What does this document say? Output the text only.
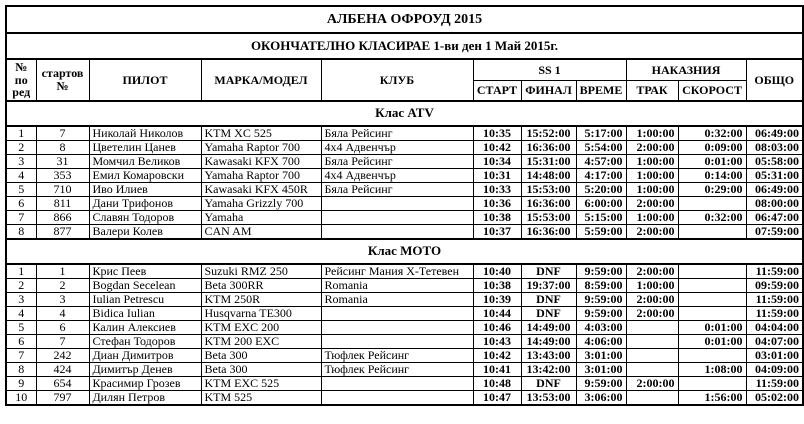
АЛБЕНА ОФРОУД 2015										
ОКОНЧАТЕЛНО КЛАСИРАЕ 1-ви ден 1 Май 2015г.										
№ по ред	стартов №	ПИЛОТ	МАРКА/МОДЕЛ	КЛУБ	SS 1			НАКАЗНИЯ		ОБЩО
					СТАРТ	ФИНАЛ	ВРЕМЕ	ТРАК	СКОРОСТ	
Клас ATV										
1	7	Николай Николов	KTM XC 525	Бяла Рейсинг	10:35	15:52:00	5:17:00	1:00:00	0:32:00	06:49:00
2	8	Цветелин Цанев	Yamaha Raptor 700	4x4 Адвенчър	10:42	16:36:00	5:54:00	2:00:00	0:09:00	08:03:00
3	31	Момчил Великов	Kawasaki KFX 700	Бяла Рейсинг	10:34	15:31:00	4:57:00	1:00:00	0:01:00	05:58:00
4	353	Емил Комаровски	Yamaha Raptor 700	4x4 Адвенчър	10:31	14:48:00	4:17:00	1:00:00	0:14:00	05:31:00
5	710	Иво Илиев	Kawasaki KFX 450R	Бяла Рейсинг	10:33	15:53:00	5:20:00	1:00:00	0:29:00	06:49:00
6	811	Дани Трифонов	Yamaha Grizzly 700		10:36	16:36:00	6:00:00	2:00:00		08:00:00
7	866	Славян Тодоров	Yamaha		10:38	15:53:00	5:15:00	1:00:00	0:32:00	06:47:00
8	877	Валери Колев	CAN AM		10:37	16:36:00	5:59:00	2:00:00		07:59:00
Клас МОТО										
1	1	Крис Пеев	Suzuki RMZ 250	Рейсинг Мания Х-Тетевен	10:40	DNF	9:59:00	2:00:00		11:59:00
2	2	Bogdan Secelean	Beta 300RR	Romania	10:38	19:37:00	8:59:00	1:00:00		09:59:00
3	3	Iulian Petrescu	KTM 250R	Romania	10:39	DNF	9:59:00	2:00:00		11:59:00
4	4	Bidica Iulian	Husqvarna TE300		10:44	DNF	9:59:00	2:00:00		11:59:00
5	6	Калин Алексиев	KTM EXC 200		10:46	14:49:00	4:03:00		0:01:00	04:04:00
6	7	Стефан Тодоров	KTM 200 EXC		10:43	14:49:00	4:06:00		0:01:00	04:07:00
7	242	Диан Димитров	Beta 300	Тюфлек Рейсинг	10:42	13:43:00	3:01:00			03:01:00
8	424	Димитър Денев	Beta 300	Тюфлек Рейсинг	10:41	13:42:00	3:01:00		1:08:00	04:09:00
9	654	Красимир Грозев	KTM EXC 525		10:48	DNF	9:59:00	2:00:00		11:59:00
10	797	Дилян Петров	KTM 525		10:47	13:53:00	3:06:00		1:56:00	05:02:00
